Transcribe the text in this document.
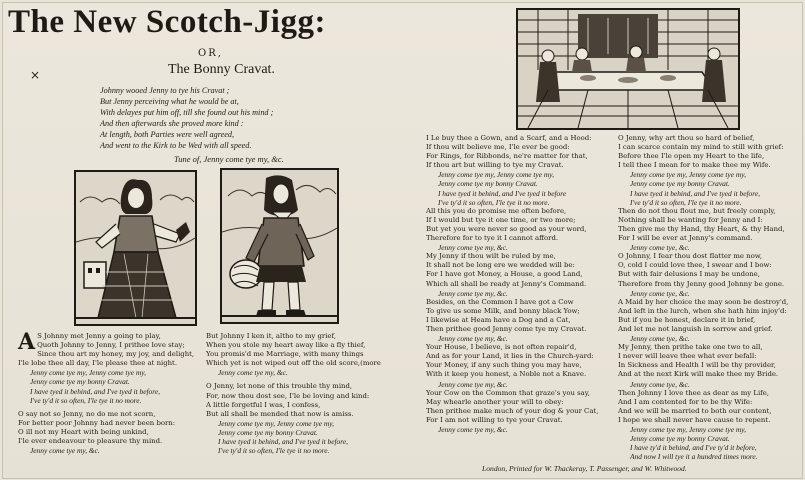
The New Scotch-Jigg:
OR,
The Bonny Cravat.
×
Johnny wooed Jenny to tye his Cravat ;
But Jenny perceiving what he would be at,
With delayes put him off, till she found out his mind ;
And then afterwards she proved more kind :
At length, both Parties were well agreed,
And went to the Kirk to be Wed with all speed.
Tune of, Jenny come tye my, &c.
A S Johnny met Jenny a going to play,
Quoth Johnny to Jenny, I prithee love stay;
Since thou art my honey, my joy, and delight,
I'le lobe thee all day, I'le please thee at night.
Jenny come tye my, Jenny come tye my,
Jenny come tye my bonny Cravat.
I have tyed it behind, and I've tyed it before,
I've ty'd it so often, I'le tye it no more.
O say not so Jenny, no do me not scorn,
For better poor Johnny had never been born:
O ill not my Heart with being unkind,
I'le ever endeavour to pleasure thy mind.
Jenny come tye my, &c.
But Johnny I ken it, altho to my grief,
When you stole my heart away like a fly thief,
You promis'd me Marriage, with many things
Which yet is not wiped out off the old score,(more
Jenny come tye my, &c.
O Jenny, let none of this trouble thy mind,
For, now thou dost see, I'le be loving and kind:
A little forgetful I was, I confess,
But all shall be mended that now is amiss.
Jenny come tye my, Jenny come tye my,
Jenny come tye my bonny Cravat.
I have tyed it behind, and I've tyed it before,
I've ty'd it so often, I'le tye it no more.
I Le buy thee a Gown, and a Scarf, and a Hood:
If thou wilt believe me, I'le ever be good:
For Rings, for Ribbonds, ne're matter for that,
If thou art but willing to tye my Cravat.
Jenny come tye my, Jenny come tye my,
Jenny come tye my bonny Cravat.
I have tyed it behind, and I've tyed it before
I've ty'd it so often, I'le tye it no more.
All this you do promise me often before,
If I would but tye it one time, or two more;
But yet you were never so good as your word,
Therefore for to tye it I cannot afford.
Jenny come tye my, &c.
My Jenny if thou wilt be ruled by me,
It shall not be long ere we wedded will be:
For I have got Money, a House, a good Land,
Which all shall be ready at Jenny's Command.
Jenny come tye my, &c.
Besides, on the Common I have got a Cow
To give us some Milk, and bonny black Yow;
I likewise at Heam have a Dog and a Cat,
Then prithee good Jenny come tye my Cravat.
Jenny come tye my, &c.
Your House, I believe, is not often repair'd,
And as for your Land, it lies in the Church-yard:
Your Money, if any such thing you may have,
With it keep you honest, a Noble not a Knave.
Jenny come tye my, &c.
Your Cow on the Common that graze's you say,
May whearle another your will to obey:
Then prithee make much of your dog & your Cat,
For I am not willing to tye your Cravat.
Jenny come tye my, &c.
O Jenny, why art thou so hard of belief,
I can scarce contain my mind to still with grief:
Before thee I'le open my Heart to the life,
I tell thee I mean for to make thee my Wife.
Jenny come tye my, Jenny come tye my,
Jenny come tye my bonny Cravat.
I have tyed it behind, and I've tyed it before,
I've ty'd it so often, I'le tye it no more.
Then do not thou flout me, but freely comply,
Nothing shall be wanting for Jenny and I:
Then give me thy Hand, thy Heart, & thy Hand,
For I will be ever at Jenny's command.
Jenny come tye, &c.
O Johnny, I fear thou dost flatter me now,
O, cold I could love thee, I swear and I bow:
But with fair delusions I may be undone,
Therefore from thy Jenny good Johnny be gone.
Jenny come tye, &c.
A Maid by her choice the may soon be destroy'd,
And left in the lurch, when she hath him injoy'd:
But if you be honest, declare it in brief,
And let me not languish in sorrow and grief.
Jenny come tye, &c.
My Jenny, then prithe take one two to all,
I never will leave thee what ever befall:
In Sickness and Health I will be thy provider,
And at the next Kirk will make thee my Bride.
Jenny come tye, &c.
Then Johnny I love thee as dear as my Life,
And I am contented for to be thy Wife:
And we will be married to both our content,
I hope we shall never have cause to repent.
Jenny come tye my, Jenny come tye my,
Jenny come tye my bonny Cravat.
I have ty'd it behind, and I've ty'd it before,
And now I will tye it a hundred times more.
London, Printed for W. Thackeray, T. Passenger, and W. Whitwood.
